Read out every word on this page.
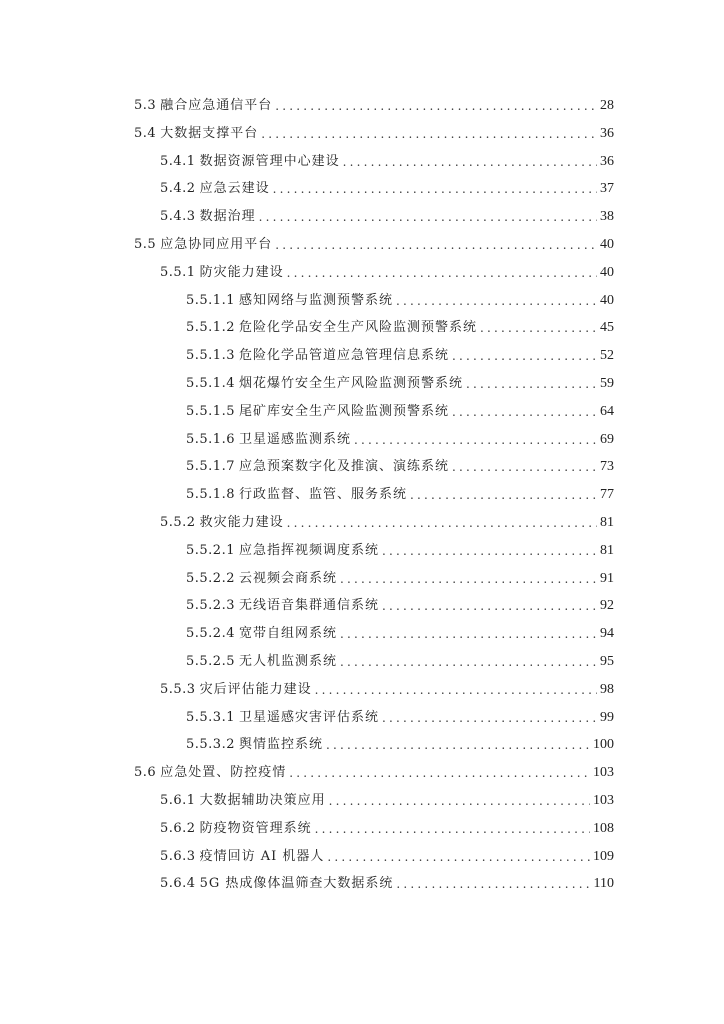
5.3 融合应急通信平台 .....	28
5.4 大数据支撑平台 .....	36
5.4.1 数据资源管理中心建设 .....	36
5.4.2 应急云建设 .....	37
5.4.3 数据治理 .....	38
5.5 应急协同应用平台 .....	40
5.5.1 防灾能力建设 .....	40
5.5.1.1 感知网络与监测预警系统 .....	40
5.5.1.2 危险化学品安全生产风险监测预警系统 .....	45
5.5.1.3 危险化学品管道应急管理信息系统 .....	52
5.5.1.4 烟花爆竹安全生产风险监测预警系统 .....	59
5.5.1.5 尾矿库安全生产风险监测预警系统 .....	64
5.5.1.6 卫星遥感监测系统 .....	69
5.5.1.7 应急预案数字化及推演、演练系统 .....	73
5.5.1.8 行政监督、监管、服务系统 .....	77
5.5.2 救灾能力建设 .....	81
5.5.2.1 应急指挥视频调度系统 .....	81
5.5.2.2 云视频会商系统 .....	91
5.5.2.3 无线语音集群通信系统 .....	92
5.5.2.4 宽带自组网系统 .....	94
5.5.2.5 无人机监测系统 .....	95
5.5.3 灾后评估能力建设 .....	98
5.5.3.1 卫星遥感灾害评估系统 .....	99
5.5.3.2 舆情监控系统 .....	100
5.6 应急处置、防控疫情 .....	103
5.6.1 大数据辅助决策应用 .....	103
5.6.2 防疫物资管理系统 .....	108
5.6.3 疫情回访 AI 机器人 .....	109
5.6.4 5G 热成像体温筛查大数据系统 .....	110
